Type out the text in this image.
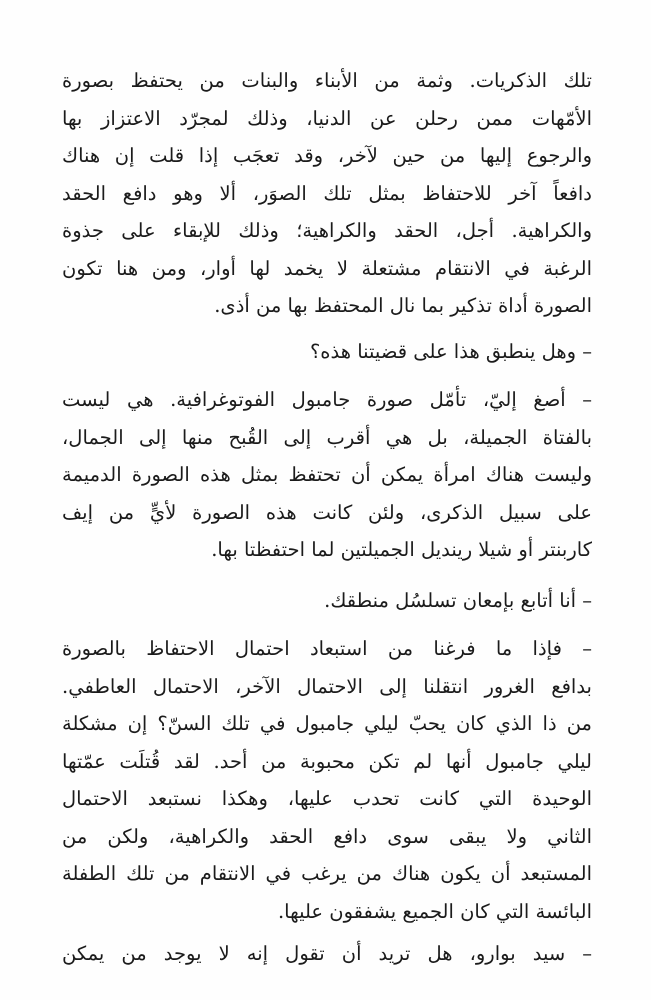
تلك الذكريات. وثمة من الأبناء والبنات من يحتفظ بصورة
الأمّهات ممن رحلن عن الدنيا، وذلك لمجرّد الاعتزاز بها
والرجوع إليها من حين لآخر، وقد تعجَب إذا قلت إن هناك
دافعاً آخر للاحتفاظ بمثل تلك الصوَر، ألا وهو دافع الحقد
والكراهية. أجل، الحقد والكراهية؛ وذلك للإبقاء على جذوة
الرغبة في الانتقام مشتعلة لا يخمد لها أوار، ومن هنا تكون
الصورة أداة تذكير بما نال المحتفظ بها من أذى.
– وهل ينطبق هذا على قضيتنا هذه؟
– أصغ إليّ، تأمّل صورة جامبول الفوتوغرافية. هي ليست
بالفتاة الجميلة، بل هي أقرب إلى القُبح منها إلى الجمال،
وليست هناك امرأة يمكن أن تحتفظ بمثل هذه الصورة الدميمة
على سبيل الذكرى، ولئن كانت هذه الصورة لأيٍّ من إيف
كاربنتر أو شيلا رينديل الجميلتين لما احتفظتا بها.
– أنا أتابع بإمعان تسلسُل منطقك.
– فإذا ما فرغنا من استبعاد احتمال الاحتفاظ بالصورة
بدافع الغرور انتقلنا إلى الاحتمال الآخر، الاحتمال العاطفي.
من ذا الذي كان يحبّ ليلي جامبول في تلك السنّ؟ إن مشكلة
ليلي جامبول أنها لم تكن محبوبة من أحد. لقد قُتلَت عمّتها
الوحيدة التي كانت تحدب عليها، وهكذا نستبعد الاحتمال
الثاني ولا يبقى سوى دافع الحقد والكراهية، ولكن من
المستبعد أن يكون هناك من يرغب في الانتقام من تلك الطفلة
البائسة التي كان الجميع يشفقون عليها.
– سيد بوارو، هل تريد أن تقول إنه لا يوجد من يمكن
